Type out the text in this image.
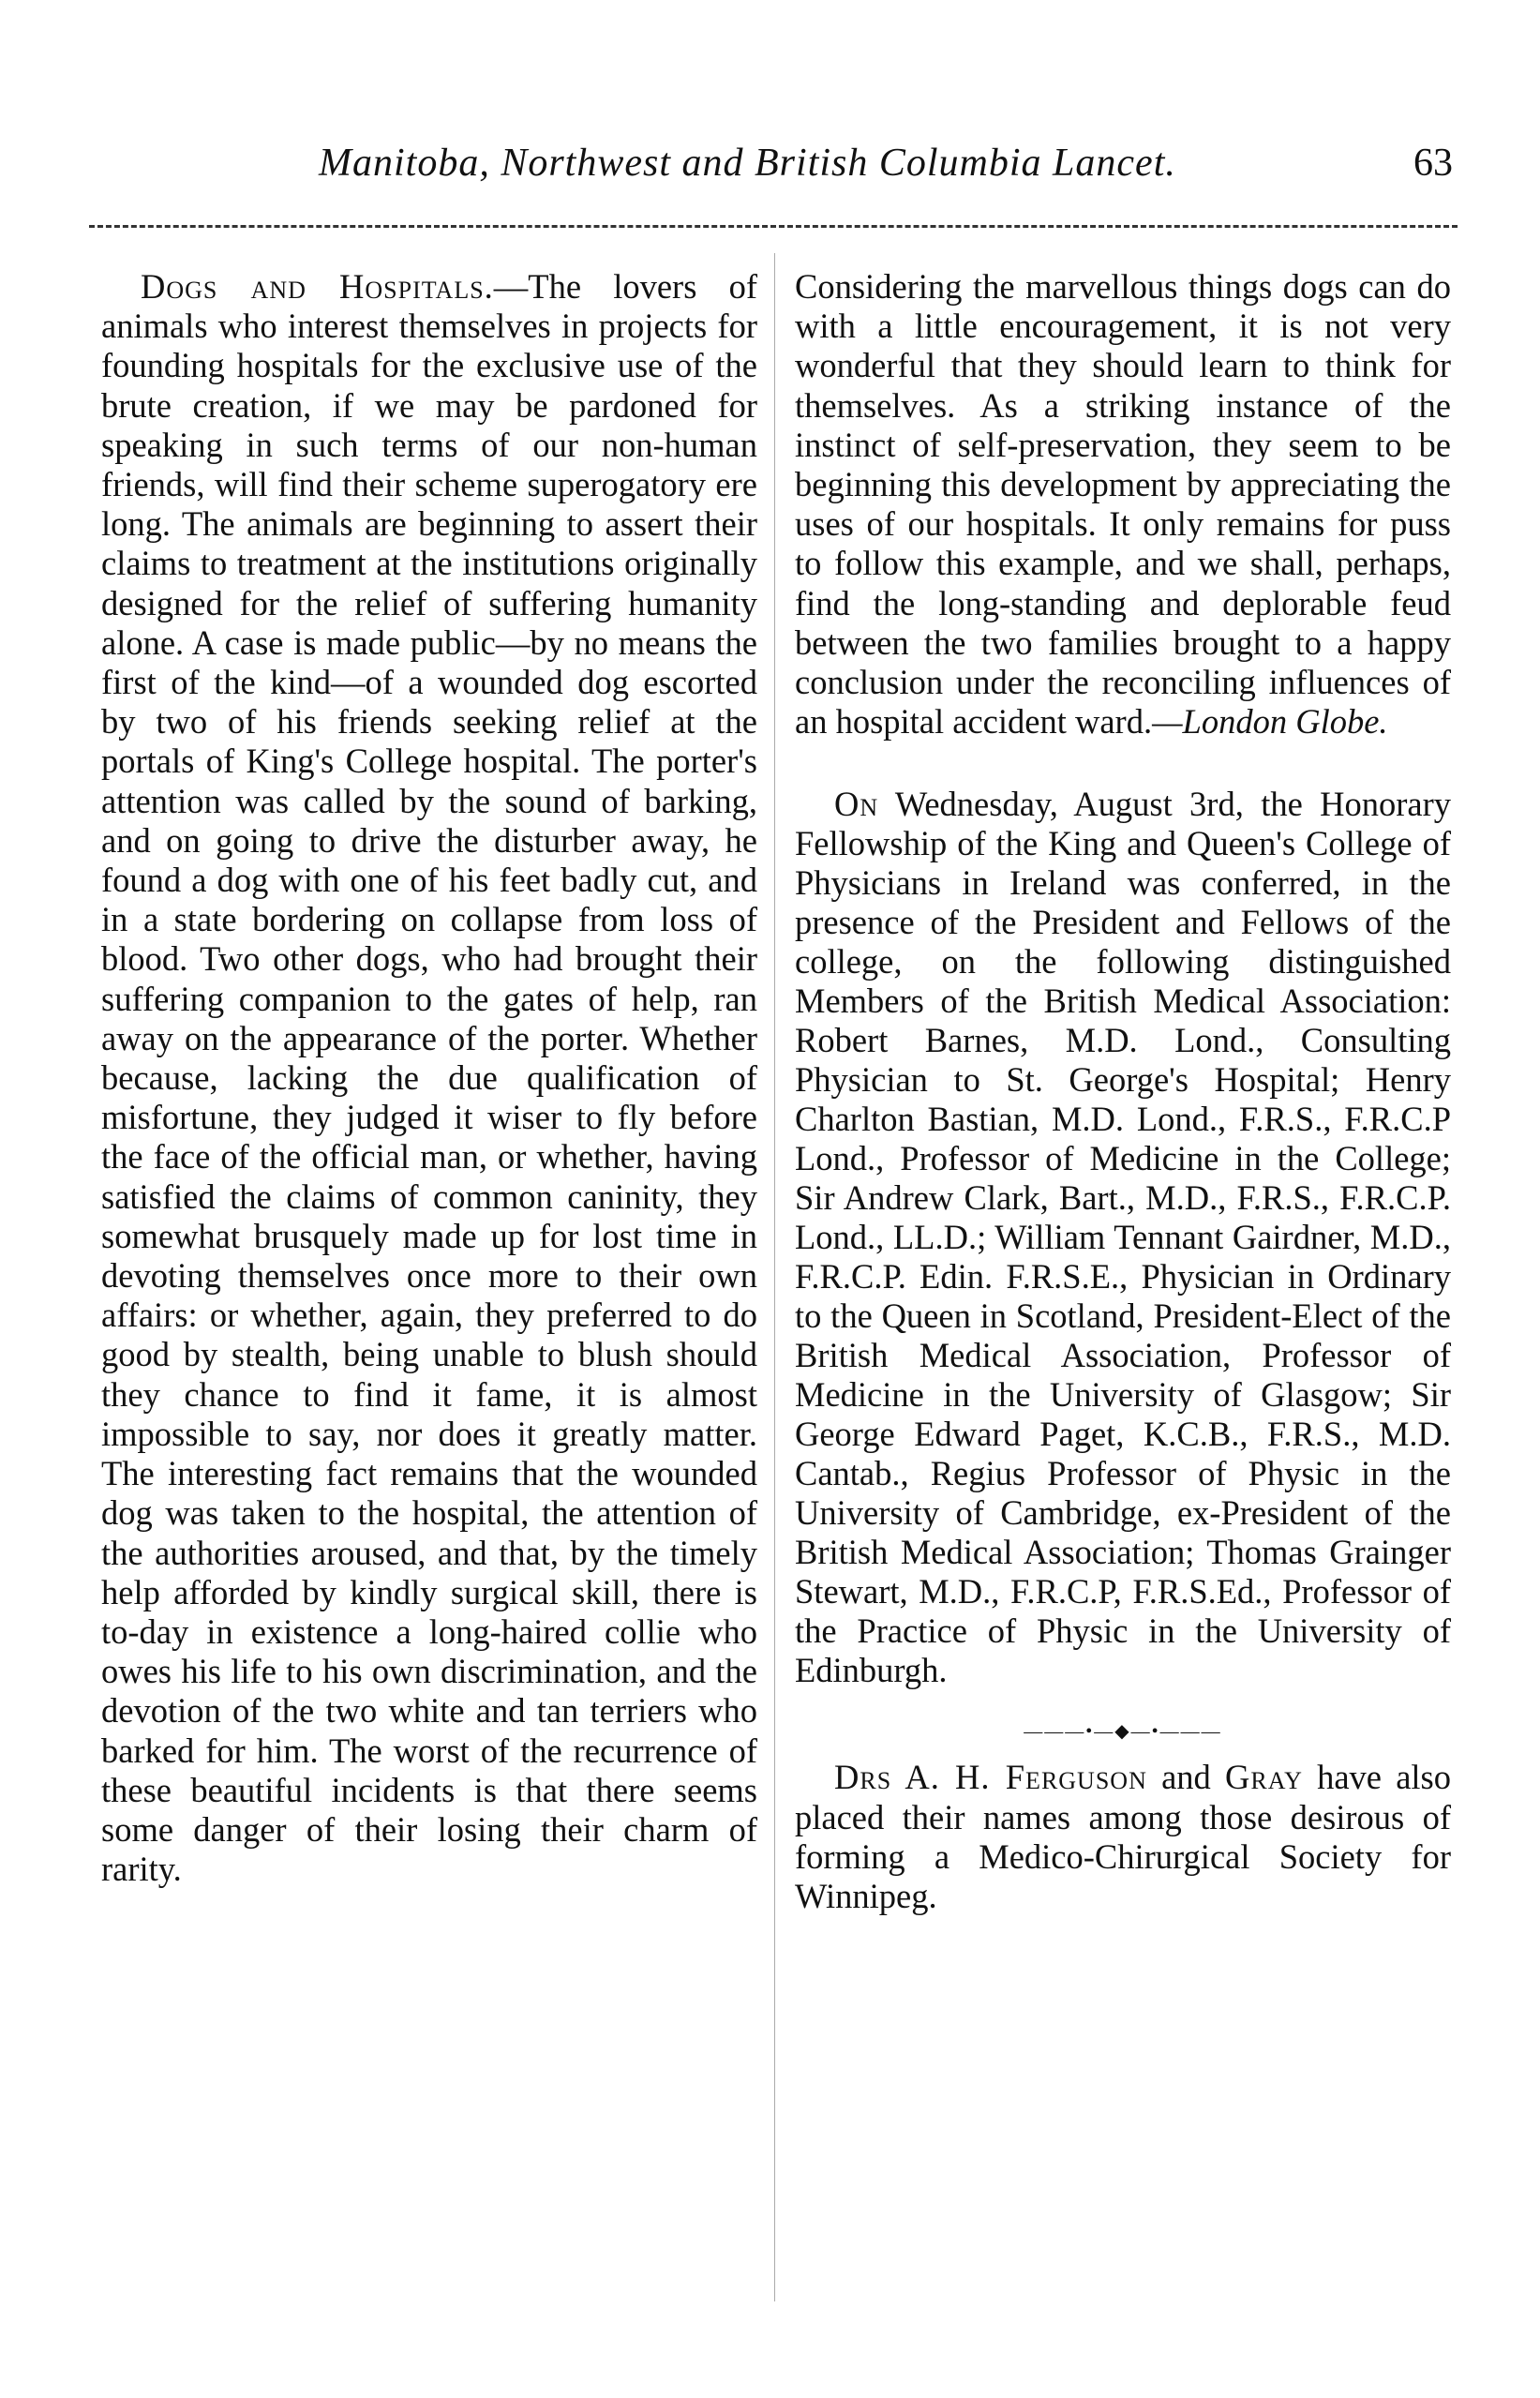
Manitoba, Northwest and British Columbia Lancet.	63

Dogs and Hospitals.—The lovers of animals who interest themselves in projects for founding hospitals for the exclusive use of the brute creation, if we may be pardoned for speaking in such terms of our non-human friends, will find their scheme superogatory ere long. The animals are beginning to assert their claims to treatment at the institutions originally designed for the relief of suffering humanity alone. A case is made public—by no means the first of the kind—of a wounded dog escorted by two of his friends seeking relief at the portals of King's College hospital. The porter's attention was called by the sound of barking, and on going to drive the disturber away, he found a dog with one of his feet badly cut, and in a state bordering on collapse from loss of blood. Two other dogs, who had brought their suffering companion to the gates of help, ran away on the appearance of the porter. Whether because, lacking the due qualification of misfortune, they judged it wiser to fly before the face of the official man, or whether, having satisfied the claims of common caninity, they somewhat brusquely made up for lost time in devoting themselves once more to their own affairs: or whether, again, they preferred to do good by stealth, being unable to blush should they chance to find it fame, it is almost impossible to say, nor does it greatly matter. The interesting fact remains that the wounded dog was taken to the hospital, the attention of the authorities aroused, and that, by the timely help afforded by kindly surgical skill, there is to-day in existence a long-haired collie who owes his life to his own discrimination, and the devotion of the two white and tan terriers who barked for him. The worst of the recurrence of these beautiful incidents is that there seems some danger of their losing their charm of rarity.

Considering the marvellous things dogs can do with a little encouragement, it is not very wonderful that they should learn to think for themselves. As a striking instance of the instinct of self-preservation, they seem to be beginning this development by appreciating the uses of our hospitals. It only remains for puss to follow this example, and we shall, perhaps, find the long-standing and deplorable feud between the two families brought to a happy conclusion under the reconciling influences of an hospital accident ward.—London Globe.

On Wednesday, August 3rd, the Honorary Fellowship of the King and Queen's College of Physicians in Ireland was conferred, in the presence of the President and Fellows of the college, on the following distinguished Members of the British Medical Association: Robert Barnes, M.D. Lond., Consulting Physician to St. George's Hospital; Henry Charlton Bastian, M.D. Lond., F.R.S., F.R.C.P Lond., Professor of Medicine in the College; Sir Andrew Clark, Bart., M.D., F.R.S., F.R.C.P. Lond., LL.D.; William Tennant Gairdner, M.D., F.R.C.P. Edin. F.R.S.E., Physician in Ordinary to the Queen in Scotland, President-Elect of the British Medical Association, Professor of Medicine in the University of Glasgow; Sir George Edward Paget, K.C.B., F.R.S., M.D. Cantab., Regius Professor of Physic in the University of Cambridge, ex-President of the British Medical Association; Thomas Grainger Stewart, M.D., F.R.C.P, F.R.S.Ed., Professor of the Practice of Physic in the University of Edinburgh.

———•—◆—•———

Drs A. H. Ferguson and Gray have also placed their names among those desirous of forming a Medico-Chirurgical Society for Winnipeg.
